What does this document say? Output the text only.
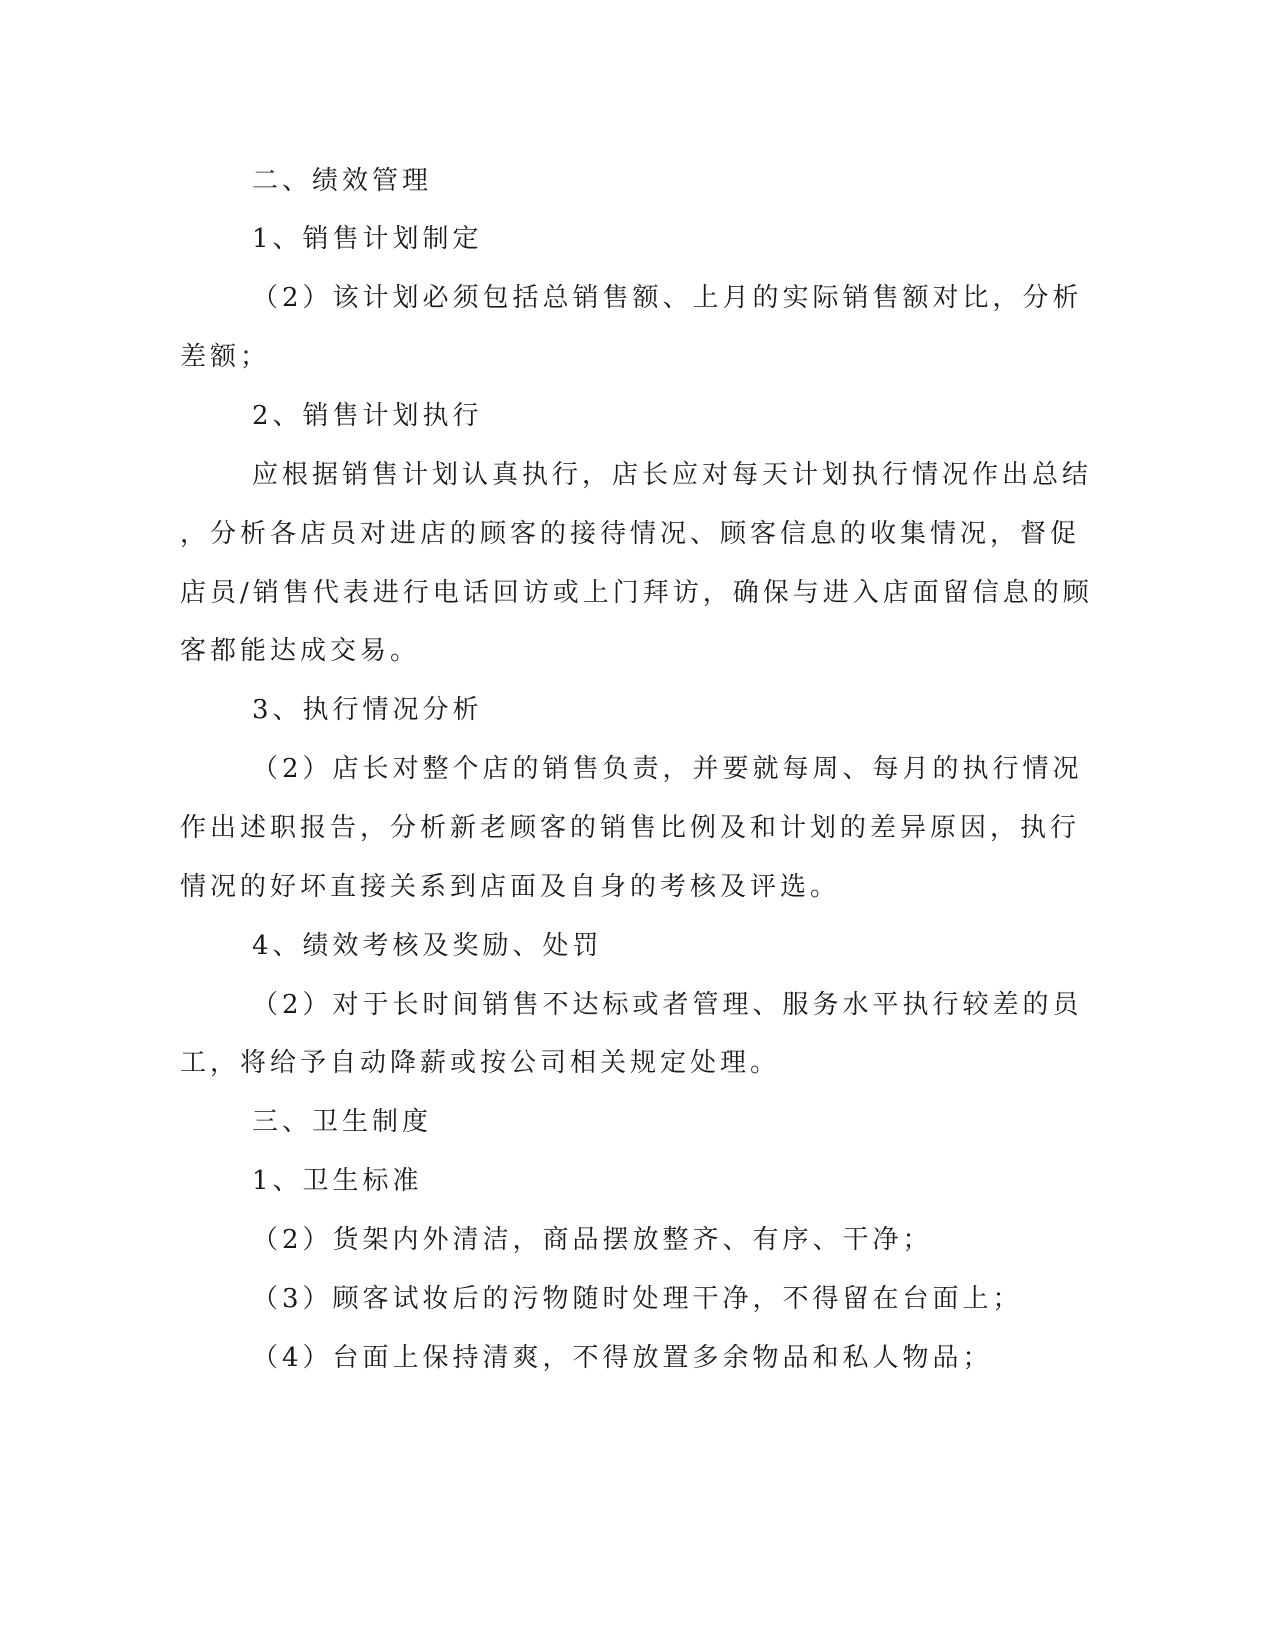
二、绩效管理
1、销售计划制定
（2）该计划必须包括总销售额、上月的实际销售额对比，分析
差额；
2、销售计划执行
应根据销售计划认真执行，店长应对每天计划执行情况作出总结
，分析各店员对进店的顾客的接待情况、顾客信息的收集情况，督促
店员/销售代表进行电话回访或上门拜访，确保与进入店面留信息的顾
客都能达成交易。
3、执行情况分析
（2）店长对整个店的销售负责，并要就每周、每月的执行情况
作出述职报告，分析新老顾客的销售比例及和计划的差异原因，执行
情况的好坏直接关系到店面及自身的考核及评选。
4、绩效考核及奖励、处罚
（2）对于长时间销售不达标或者管理、服务水平执行较差的员
工，将给予自动降薪或按公司相关规定处理。
三、卫生制度
1、卫生标准
（2）货架内外清洁，商品摆放整齐、有序、干净；
（3）顾客试妆后的污物随时处理干净，不得留在台面上；
（4）台面上保持清爽，不得放置多余物品和私人物品；
